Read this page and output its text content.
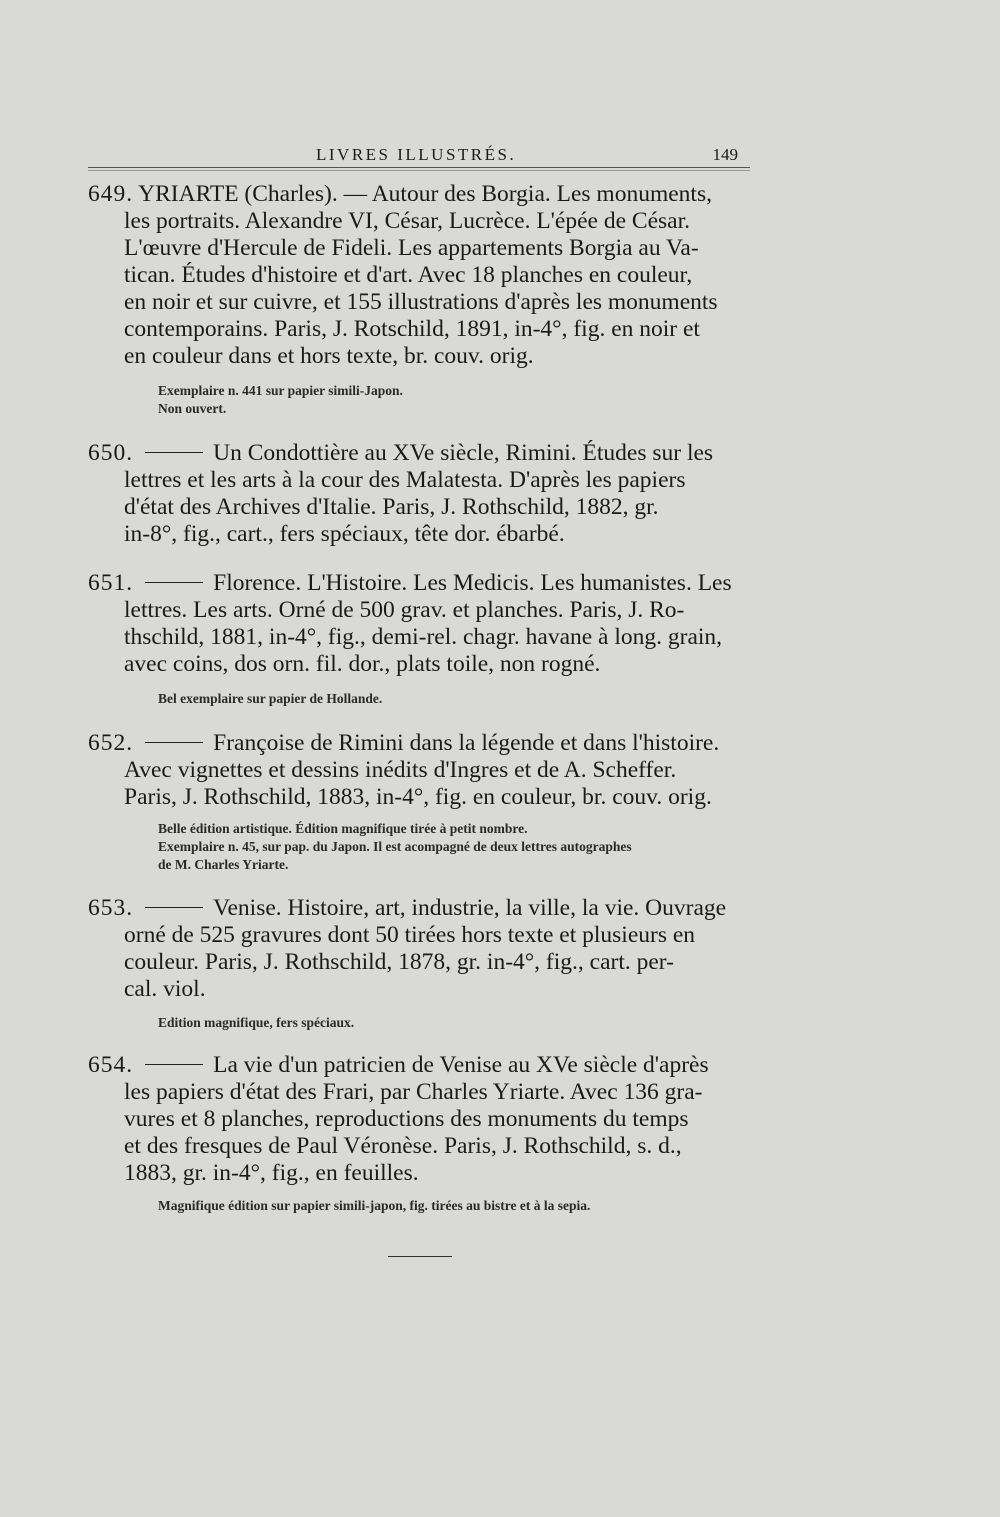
LIVRES ILLUSTRÉS.	149
649. YRIARTE (Charles). — Autour des Borgia. Les monuments,
les portraits. Alexandre VI, César, Lucrèce. L'épée de César.
L'œuvre d'Hercule de Fideli. Les appartements Borgia au Va-
tican. Études d'histoire et d'art. Avec 18 planches en couleur,
en noir et sur cuivre, et 155 illustrations d'après les monuments
contemporains. Paris, J. Rotschild, 1891, in-4°, fig. en noir et
en couleur dans et hors texte, br. couv. orig.
Exemplaire n. 441 sur papier simili-Japon.
Non ouvert.
650.	Un Condottière au XVe siècle, Rimini. Études sur les
lettres et les arts à la cour des Malatesta. D'après les papiers
d'état des Archives d'Italie. Paris, J. Rothschild, 1882, gr.
in-8°, fig., cart., fers spéciaux, tête dor. ébarbé.
651.	Florence. L'Histoire. Les Medicis. Les humanistes. Les
lettres. Les arts. Orné de 500 grav. et planches. Paris, J. Ro-
thschild, 1881, in-4°, fig., demi-rel. chagr. havane à long. grain,
avec coins, dos orn. fil. dor., plats toile, non rogné.
Bel exemplaire sur papier de Hollande.
652.	Françoise de Rimini dans la légende et dans l'histoire.
Avec vignettes et dessins inédits d'Ingres et de A. Scheffer.
Paris, J. Rothschild, 1883, in-4°, fig. en couleur, br. couv. orig.
Belle édition artistique. Édition magnifique tirée à petit nombre.
Exemplaire n. 45, sur pap. du Japon. Il est acompagné de deux lettres autographes
de M. Charles Yriarte.
653.	Venise. Histoire, art, industrie, la ville, la vie. Ouvrage
orné de 525 gravures dont 50 tirées hors texte et plusieurs en
couleur. Paris, J. Rothschild, 1878, gr. in-4°, fig., cart. per-
cal. viol.
Edition magnifique, fers spéciaux.
654.	La vie d'un patricien de Venise au XVe siècle d'après
les papiers d'état des Frari, par Charles Yriarte. Avec 136 gra-
vures et 8 planches, reproductions des monuments du temps
et des fresques de Paul Véronèse. Paris, J. Rothschild, s. d.,
1883, gr. in-4°, fig., en feuilles.
Magnifique édition sur papier simili-japon, fig. tirées au bistre et à la sepia.
